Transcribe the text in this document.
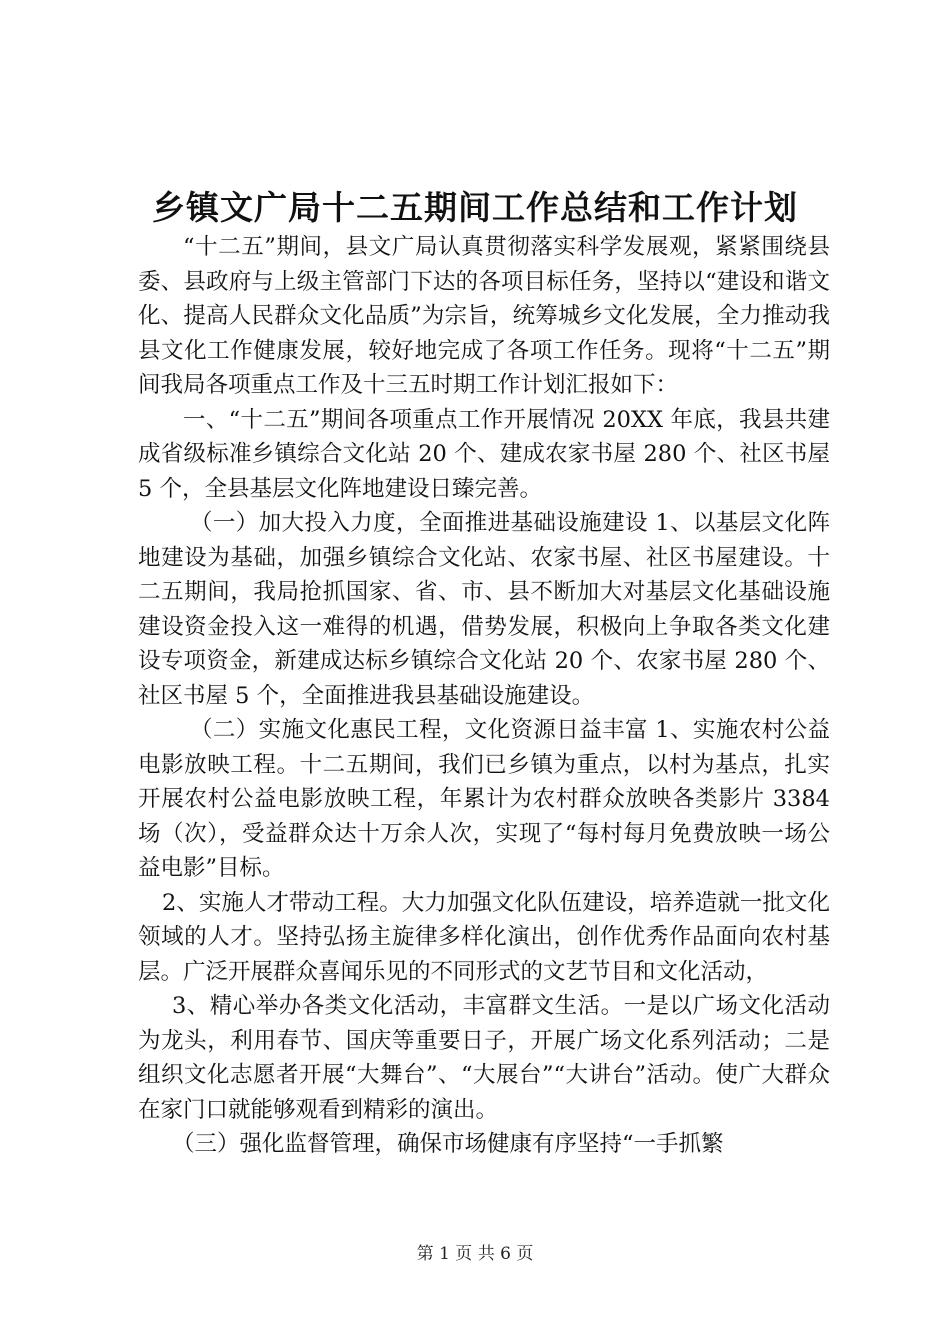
乡镇文广局十二五期间工作总结和工作计划

“十二五”期间，县文广局认真贯彻落实科学发展观，紧紧围绕县委、县政府与上级主管部门下达的各项目标任务，坚持以“建设和谐文化、提高人民群众文化品质”为宗旨，统筹城乡文化发展，全力推动我县文化工作健康发展，较好地完成了各项工作任务。现将“十二五”期间我局各项重点工作及十三五时期工作计划汇报如下：

一、“十二五”期间各项重点工作开展情况 20XX 年底，我县共建成省级标准乡镇综合文化站 20 个、建成农家书屋 280 个、社区书屋 5 个，全县基层文化阵地建设日臻完善。

（一）加大投入力度，全面推进基础设施建设 1、以基层文化阵地建设为基础，加强乡镇综合文化站、农家书屋、社区书屋建设。十二五期间，我局抢抓国家、省、市、县不断加大对基层文化基础设施建设资金投入这一难得的机遇，借势发展，积极向上争取各类文化建设专项资金，新建成达标乡镇综合文化站 20 个、农家书屋 280 个、社区书屋 5 个，全面推进我县基础设施建设。

（二）实施文化惠民工程，文化资源日益丰富 1、实施农村公益电影放映工程。十二五期间，我们已乡镇为重点，以村为基点，扎实开展农村公益电影放映工程，年累计为农村群众放映各类影片 3384 场（次），受益群众达十万余人次，实现了“每村每月免费放映一场公益电影”目标。

2、实施人才带动工程。大力加强文化队伍建设，培养造就一批文化领域的人才。坚持弘扬主旋律多样化演出，创作优秀作品面向农村基层。广泛开展群众喜闻乐见的不同形式的文艺节目和文化活动，

3、精心举办各类文化活动，丰富群文生活。一是以广场文化活动为龙头，利用春节、国庆等重要日子，开展广场文化系列活动；二是组织文化志愿者开展“大舞台”、“大展台”“大讲台”活动。使广大群众在家门口就能够观看到精彩的演出。

（三）强化监督管理，确保市场健康有序坚持“一手抓繁

第 1 页 共 6 页
